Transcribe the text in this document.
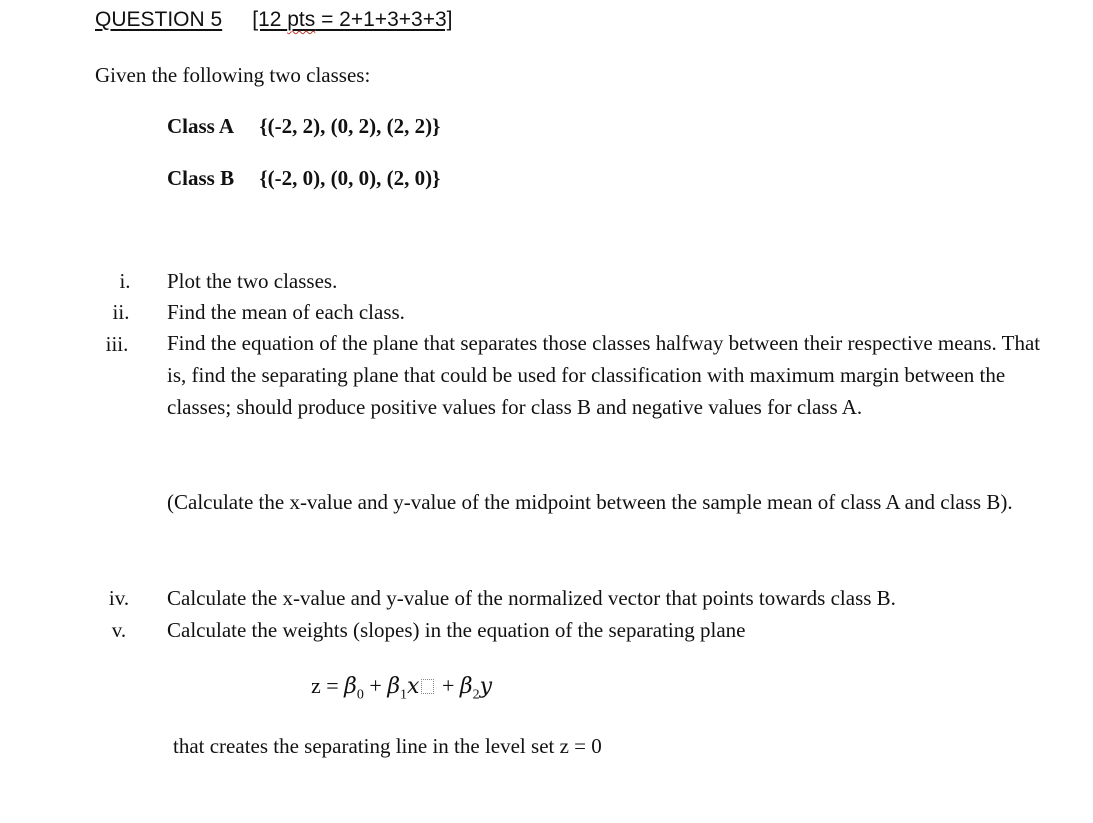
QUESTION 5 [12 pts = 2+1+3+3+3]
Given the following two classes:
Class A {(-2, 2), (0, 2), (2, 2)}
Class B {(-2, 0), (0, 0), (2, 0)}
i.	Plot the two classes.
ii.	Find the mean of each class.
iii.	Find the equation of the plane that separates those classes halfway between their respective means. That is, find the separating plane that could be used for classification with maximum margin between the classes; should produce positive values for class B and negative values for class A.
(Calculate the x-value and y-value of the midpoint between the sample mean of class A and class B).
iv.	Calculate the x-value and y-value of the normalized vector that points towards class B.
v.	Calculate the weights (slopes) in the equation of the separating plane
$z = \beta_0 + \beta_1x + \beta_2y$
that creates the separating line in the level set z = 0
